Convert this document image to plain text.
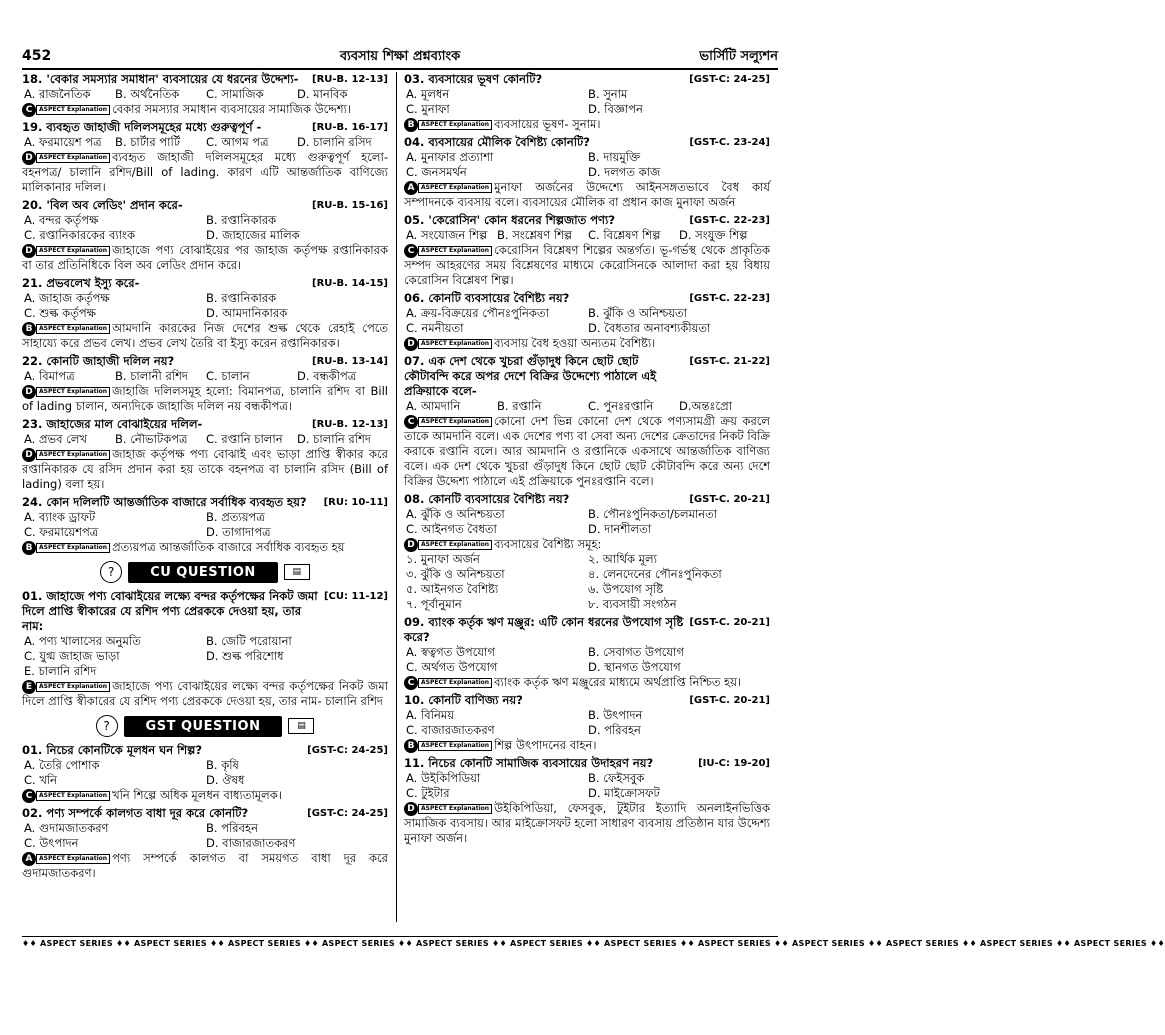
452	ব্যবসায় শিক্ষা প্রশ্নব্যাংক	ভার্সিটি সল্যুশন
18. 'বেকার সমস্যার সমাধান' ব্যবসায়ের যে ধরনের উদ্দেশ্য-	[RU-B. 12-13]
A. রাজনৈতিক	B. অর্থনৈতিক	C. সামাজিক	D. মানবিক
C	ASPECT Explanation বেকার সমস্যার সমাধান ব্যবসায়ের সামাজিক উদ্দেশ্য।
19. ব্যবহৃত জাহাজী দলিলসমূহের মধ্যে গুরুত্বপূর্ণ -	[RU-B. 16-17]
A. ফরমায়েশ পত্র	B. চার্টার পার্টি	C. আগম পত্র	D. চালানি রসিদ
D	ASPECT Explanation ব্যবহৃত জাহাজী দলিলসমূহের মধ্যে গুরুত্বপূর্ণ হলো- বহনপত্র/ চালানি রশিদ/Bill of lading. কারণ এটি আন্তর্জাতিক বাণিজ্যে মালিকানার দলিল।
20. 'বিল অব লেডিং' প্রদান করে-	[RU-B. 15-16]
A. বন্দর কর্তৃপক্ষ	B. রপ্তানিকারক
C. রপ্তানিকারকের ব্যাংক	D. জাহাজের মালিক
D	ASPECT Explanation জাহাজে পণ্য বোঝাইয়ের পর জাহাজ কর্তৃপক্ষ রপ্তানিকারক বা তার প্রতিনিধিকে বিল অব লেডিং প্রদান করে।
21. প্রভবলেখ ইস্যু করে-	[RU-B. 14-15]
A. জাহাজ কর্তৃপক্ষ	B. রপ্তানিকারক
C. শুল্ক কর্তৃপক্ষ	D. আমদানিকারক
B	ASPECT Explanation আমদানি কারকের নিজ দেশের শুল্ক থেকে রেহাই পেতে সাহায্যে করে প্রভব লেখ। প্রভব লেখ তৈরি বা ইস্যু করেন রপ্তানিকারক।
22. কোনটি জাহাজী দলিল নয়?	[RU-B. 13-14]
A. বিমাপত্র	B. চালানী রশিদ	C. চালান	D. বন্ধকীপত্র
D	ASPECT Explanation জাহাজি দলিলসমূহ হলো: বিমানপত্র, চালানি রশিদ বা Bill of lading চালান, অন্যদিকে জাহাজি দলিল নয় বন্ধকীপত্র।
23. জাহাজের মাল বোঝাইয়ের দলিল-	[RU-B. 12-13]
A. প্রভব লেখ	B. নৌভাটকপত্র	C. রপ্তানি চালান	D. চালানি রশিদ
D	ASPECT Explanation জাহাজ কর্তৃপক্ষ পণ্য বোঝাই এবং ভাড়া প্রাপ্তি স্বীকার করে রপ্তানিকারক যে রসিদ প্রদান করা হয় তাকে বহনপত্র বা চালানি রসিদ (Bill of lading) বলা হয়।
24. কোন দলিলটি আন্তর্জাতিক বাজারে সর্বাধিক ব্যবহৃত হয়?	[RU: 10-11]
A. ব্যাংক ড্রাফট	B. প্রত্যয়পত্র
C. ফরমায়েশপত্র	D. তাগাদাপত্র
B	ASPECT Explanation প্রত্যয়পত্র আন্তর্জাতিক বাজারে সর্বাধিক ব্যবহৃত হয়
?	CU QUESTION	▤
01. জাহাজে পণ্য বোঝাইয়ের লক্ষ্যে বন্দর কর্তৃপক্ষের নিকট জমা দিলে প্রাপ্তি স্বীকারের যে রশিদ পণ্য প্রেরককে দেওয়া হয়, তার নাম:
[CU: 11-12]
A. পণ্য খালাসের অনুমতি	B. জেটি পরোয়ানা
C. যুগ্ম জাহাজ ভাড়া	D. শুল্ক পরিশোধ
E. চালানি রশিদ
E	ASPECT Explanation জাহাজে পণ্য বোঝাইয়ের লক্ষ্যে বন্দর কর্তৃপক্ষের নিকট জমা দিলে প্রাপ্তি স্বীকারের যে রশিদ পণ্য প্রেরককে দেওয়া হয়, তার নাম- চালানি রশিদ
?	GST QUESTION	▤
01. নিচের কোনটিকে মূলধন ঘন শিল্প?	[GST-C: 24-25]
A. তৈরি পোশাক	B. কৃষি
C. খনি	D. ঔষধ
C	ASPECT Explanation খনি শিল্পে অধিক মূলধন বাধ্যতামূলক।
02. পণ্য সম্পর্কে কালগত বাধা দূর করে কোনটি?	[GST-C: 24-25]
A. গুদামজাতকরণ	B. পরিবহন
C. উৎপাদন	D. বাজারজাতকরণ
A	ASPECT Explanation পণ্য সম্পর্কে কালগত বা সময়গত বাধা দূর করে গুদামজাতকরণ।
03. ব্যবসায়ের ভূষণ কোনটি?	[GST-C: 24-25]
A. মূলধন	B. সুনাম
C. মুনাফা	D. বিজ্ঞাপন
B	ASPECT Explanation ব্যবসায়ের ভূষণ- সুনাম।
04. ব্যবসায়ের মৌলিক বৈশিষ্ট্য কোনটি?	[GST-C. 23-24]
A. মুনাফার প্রত্যাশা	B. দায়মুক্তি
C. জনসমর্থন	D. দলগত কাজ
A	ASPECT Explanation মুনাফা অর্জনের উদ্দেশ্যে আইনসঙ্গতভাবে বৈধ কার্য সম্পাদনকে ব্যবসায় বলে। ব্যবসায়ের মৌলিক বা প্রধান কাজ মুনাফা অর্জন
05. 'কেরোসিন' কোন ধরনের শিল্পজাত পণ্য?	[GST-C. 22-23]
A. সংযোজন শিল্প B. সংশ্লেষণ শিল্প	C. বিশ্লেষণ শিল্প	D. সংযুক্ত শিল্প
C	ASPECT Explanation কেরোসিন বিশ্লেষণ শিল্পের অন্তর্গত। ভূ-গর্ভস্থ থেকে প্রাকৃতিক সম্পদ আহরণের সময় বিশ্লেষণের মাধ্যমে কেরোসিনকে আলাদা করা হয় বিধায় কেরোসিন বিশ্লেষণ শিল্প।
06. কোনটি ব্যবসায়ের বৈশিষ্ট্য নয়?	[GST-C. 22-23]
A. ক্রয়-বিক্রয়ের পৌনঃপুনিকতা	B. ঝুঁকি ও অনিশ্চয়তা
C. নমনীয়তা	D. বৈধতার অনাবশ্যকীয়তা
D	ASPECT Explanation ব্যবসায় বৈধ হওয়া অন্যতম বৈশিষ্ট্য।
07. এক দেশ থেকে খুচরা গুঁড়াদুধ কিনে ছোট ছোট কৌটাবন্দি করে অপর দেশে বিক্রির উদ্দেশ্যে পাঠালে এই প্রক্রিয়াকে বলে-
[GST-C. 21-22]
A. আমদানি	B. রপ্তানি	C. পুনঃরপ্তানি	D.অন্তঃপ্রো
C	ASPECT Explanation কোনো দেশ ভিন্ন কোনো দেশ থেকে পণ্যসামগ্রী ক্রয় করলে তাকে আমদানি বলে। এক দেশের পণ্য বা সেবা অন্য দেশের ক্রেতাদের নিকট বিক্রি করাকে রপ্তানি বলে। আর আমদানি ও রপ্তানিকে একসাথে আন্তর্জাতিক বাণিজ্য বলে। এক দেশ থেকে খুচরা গুঁড়াদুধ কিনে ছোট ছোট কৌটাবন্দি করে অন্য দেশে বিক্রির উদ্দেশ্য পাঠালে এই প্রক্রিয়াকে পুনঃরপ্তানি বলে।
08. কোনটি ব্যবসায়ের বৈশিষ্ট্য নয়?	[GST-C. 20-21]
A. ঝুঁকি ও অনিশ্চয়তা	B. পৌনঃপুনিকতা/চলমানতা
C. আইনগত বৈধতা	D. দানশীলতা
D	ASPECT Explanation ব্যবসায়ের বৈশিষ্ট্য সমূহ:
১. মুনাফা অর্জন	২. আর্থিক মূল্য
৩. ঝুঁকি ও অনিশ্চয়তা	৪. লেনদেনের পৌনঃপুনিকতা
৫. আইনগত বৈশিষ্ট্য	৬. উপযোগ সৃষ্টি
৭. পূর্বানুমান	৮. ব্যবসায়ী সংগঠন
09. ব্যাংক কর্তৃক ঋণ মঞ্জুর: এটি কোন ধরনের উপযোগ সৃষ্টি করে?
[GST-C. 20-21]
A. স্বত্বগত উপযোগ	B. সেবাগত উপযোগ
C. অর্থগত উপযোগ	D. স্থানগত উপযোগ
C	ASPECT Explanation ব্যাংক কর্তৃক ঋণ মঞ্জুরের মাধ্যমে অর্থপ্রাপ্তি নিশ্চিত হয়।
10. কোনটি বাণিজ্য নয়?	[GST-C. 20-21]
A. বিনিময়	B. উৎপাদন
C. বাজারজাতকরণ	D. পরিবহন
B	ASPECT Explanation শিল্প উৎপাদনের বাহন।
11. নিচের কোনটি সামাজিক ব্যবসায়ের উদাহরণ নয়?	[IU-C: 19-20]
A. উইকিপিডিয়া	B. ফেইসবুক
C. টুইটার	D. মাইক্রোসফট
D	ASPECT Explanation উইকিপিডিয়া, ফেসবুক, টুইটার ইত্যাদি অনলাইনভিত্তিক সামাজিক ব্যবসায়। আর মাইক্রোসফট হলো সাধারণ ব্যবসায় প্রতিষ্ঠান যার উদ্দেশ্য মুনাফা অর্জন।
♦♦ ASPECT SERIES ♦♦ ASPECT SERIES ♦♦ ASPECT SERIES ♦♦ ASPECT SERIES ♦♦ ASPECT SERIES ♦♦ ASPECT SERIES ♦♦ ASPECT SERIES ♦♦ ASPECT SERIES ♦♦ ASPECT SERIES ♦♦ ASPECT SERIES ♦♦ ASPECT SERIES ♦♦ ASPECT SERIES ♦♦
